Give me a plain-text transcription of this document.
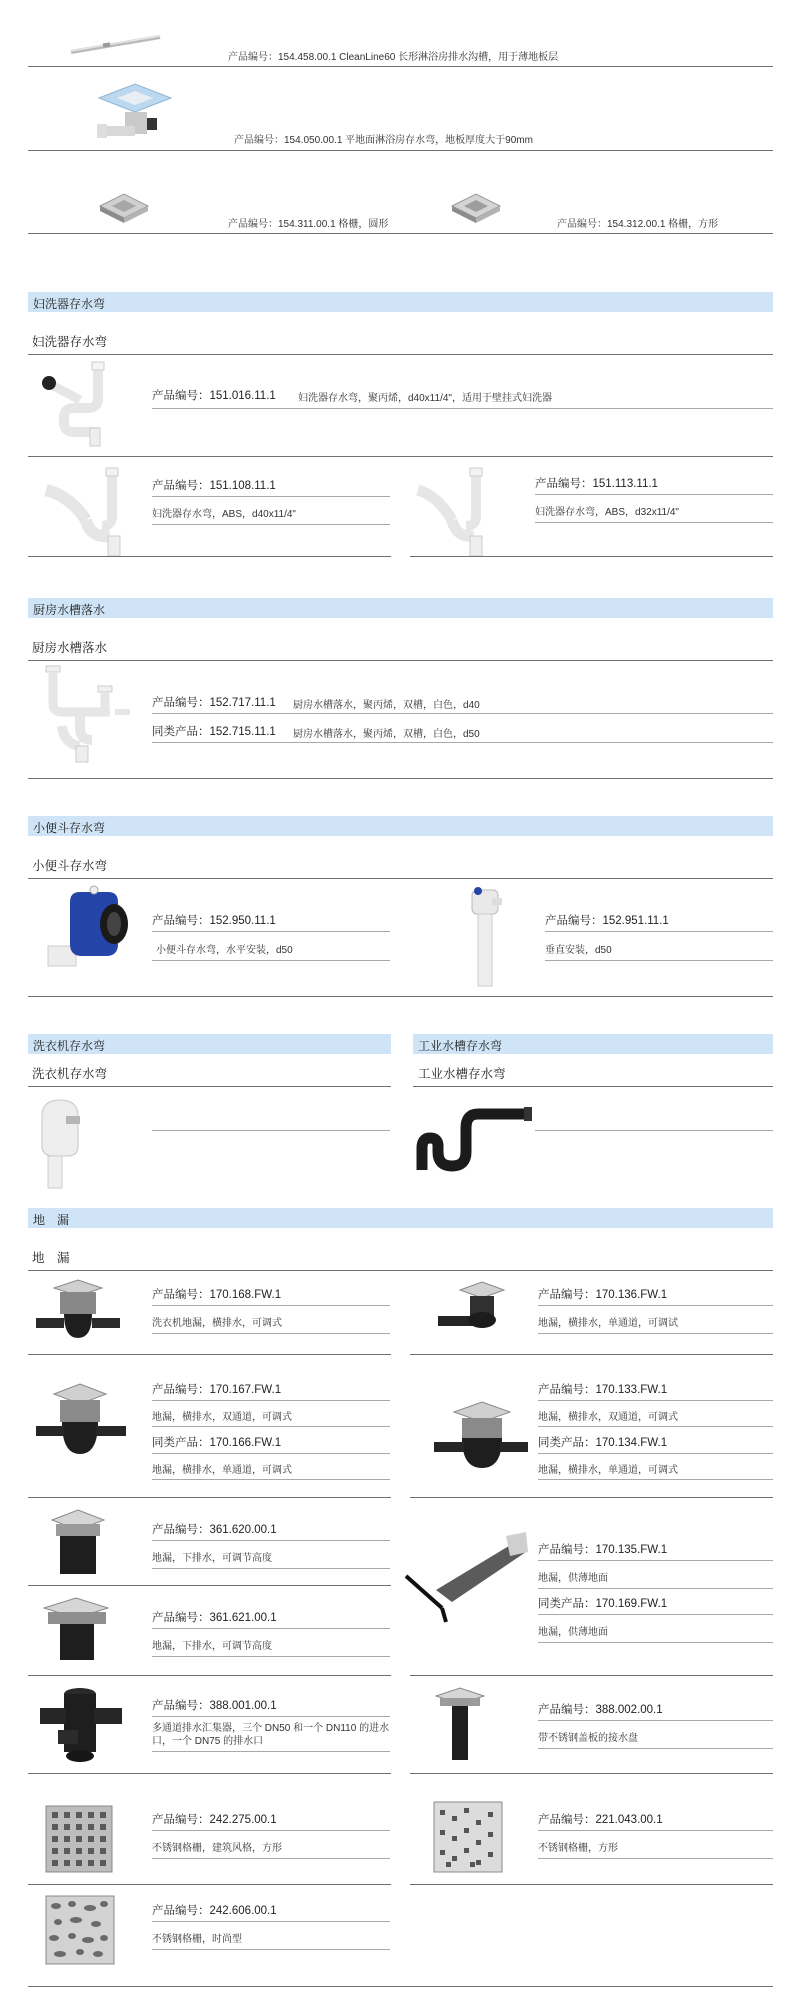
产品编号：154.458.00.1 CleanLine60 长形淋浴房排水沟槽，用于薄地板层
产品编号：154.050.00.1 平地面淋浴房存水弯，地板厚度大于90mm
产品编号：154.311.00.1 格栅，圆形	产品编号：154.312.00.1 格栅，方形
妇洗器存水弯
妇洗器存水弯
产品编号：151.016.11.1 妇洗器存水弯，聚丙烯，d40x11/4"，适用于壁挂式妇洗器
产品编号：151.108.11.1
妇洗器存水弯，ABS，d40x11/4"
产品编号：151.113.11.1
妇洗器存水弯，ABS，d32x11/4"
厨房水槽落水
厨房水槽落水
产品编号：152.717.11.1 厨房水槽落水，聚丙烯，双槽，白色，d40
同类产品：152.715.11.1 厨房水槽落水，聚丙烯，双槽，白色，d50
小便斗存水弯
小便斗存水弯
产品编号：152.950.11.1
小便斗存水弯，水平安装，d50
产品编号：152.951.11.1
垂直安装，d50
洗衣机存水弯	工业水槽存水弯
洗衣机存水弯	工业水槽存水弯
地　漏
地　漏
产品编号：170.168.FW.1
洗衣机地漏，横排水，可调式
产品编号：170.136.FW.1
地漏，横排水，单通道，可调试
产品编号：170.167.FW.1
地漏，横排水，双通道，可调式
同类产品：170.166.FW.1
地漏，横排水，单通道，可调式
产品编号：170.133.FW.1
地漏，横排水，双通道，可调式
同类产品：170.134.FW.1
地漏，横排水，单通道，可调式
产品编号：361.620.00.1
地漏，下排水，可调节高度
产品编号：361.621.00.1
地漏，下排水，可调节高度
产品编号：170.135.FW.1
地漏，供薄地面
同类产品：170.169.FW.1
地漏，供薄地面
产品编号：388.001.00.1
多通道排水汇集器，三个 DN50 和一个 DN110 的进水口，一个 DN75 的排水口
产品编号：388.002.00.1
带不锈钢盖板的接水盘
产品编号：242.275.00.1
不锈钢格栅，建筑风格，方形
产品编号：221.043.00.1
不锈钢格栅，方形
产品编号：242.606.00.1
不锈钢格栅，时尚型
